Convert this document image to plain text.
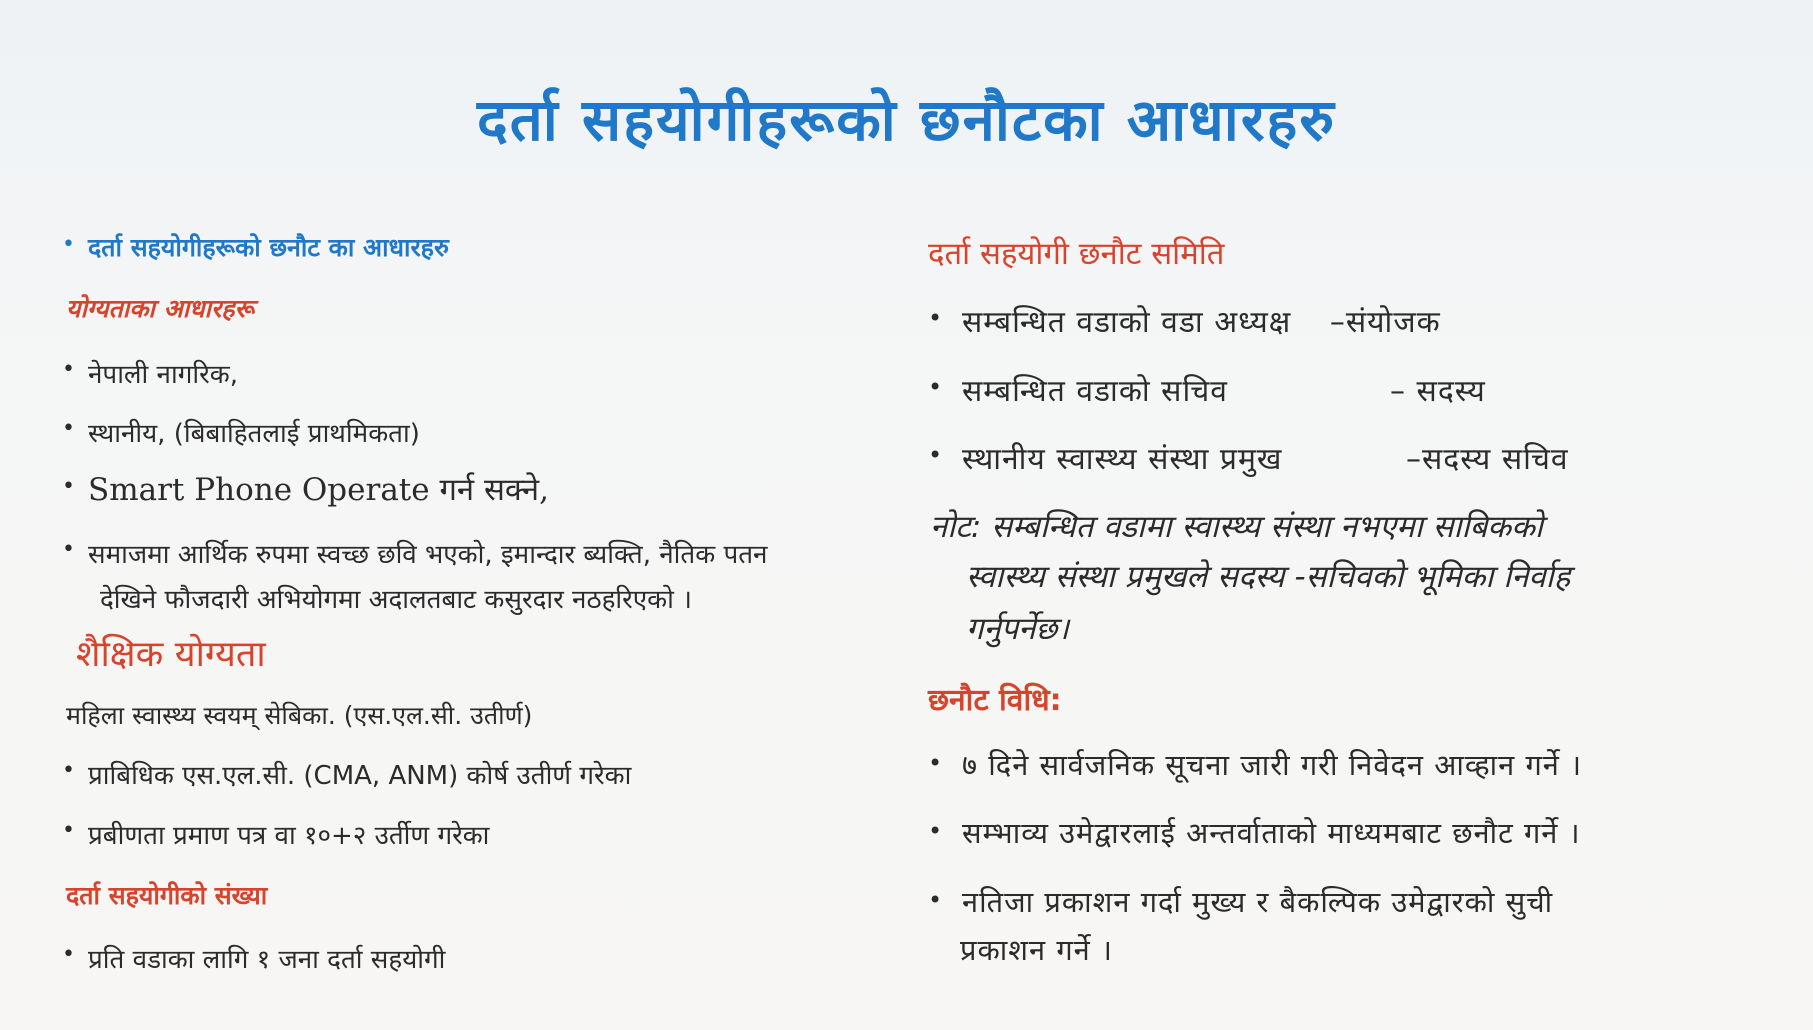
दर्ता सहयोगीहरूको छनौटका आधारहरु
• दर्ता सहयोगीहरूको छनौट का आधारहरु
योग्यताका आधारहरू
• नेपाली नागरिक,
• स्थानीय, (बिबाहितलाई प्राथमिकता)
• Smart Phone Operate गर्न सक्ने,
• समाजमा आर्थिक रुपमा स्वच्छ छवि भएको, इमान्दार ब्यक्ति, नैतिक पतन
देखिने फौजदारी अभियोगमा अदालतबाट कसुरदार नठहरिएको ।
शैक्षिक योग्यता
महिला स्वास्थ्य स्वयम् सेबिका. (एस.एल.सी. उतीर्ण)
• प्राबिधिक एस.एल.सी. (CMA, ANM) कोर्ष उतीर्ण गरेका
• प्रबीणता प्रमाण पत्र वा १०+२ उर्तीण गरेका
दर्ता सहयोगीको संख्या
• प्रति वडाका लागि १ जना दर्ता सहयोगी
दर्ता सहयोगी छनौट समिति
• सम्बन्धित वडाको वडा अध्यक्ष –संयोजक
• सम्बन्धित वडाको सचिव	– सदस्य
• स्थानीय स्वास्थ्य संस्था प्रमुख	–सदस्य सचिव
नोट: सम्बन्धित वडामा स्वास्थ्य संस्था नभएमा साबिकको
स्वास्थ्य संस्था प्रमुखले सदस्य -सचिवको भूमिका निर्वाह
गर्नुपर्नेछ।
छनौट विधि:
• ७ दिने सार्वजनिक सूचना जारी गरी निवेदन आव्हान गर्ने ।
• सम्भाव्य उमेद्वारलाई अन्तर्वाताको माध्यमबाट छनौट गर्ने ।
• नतिजा प्रकाशन गर्दा मुख्य र बैकल्पिक उमेद्वारको सुची
प्रकाशन गर्ने ।
